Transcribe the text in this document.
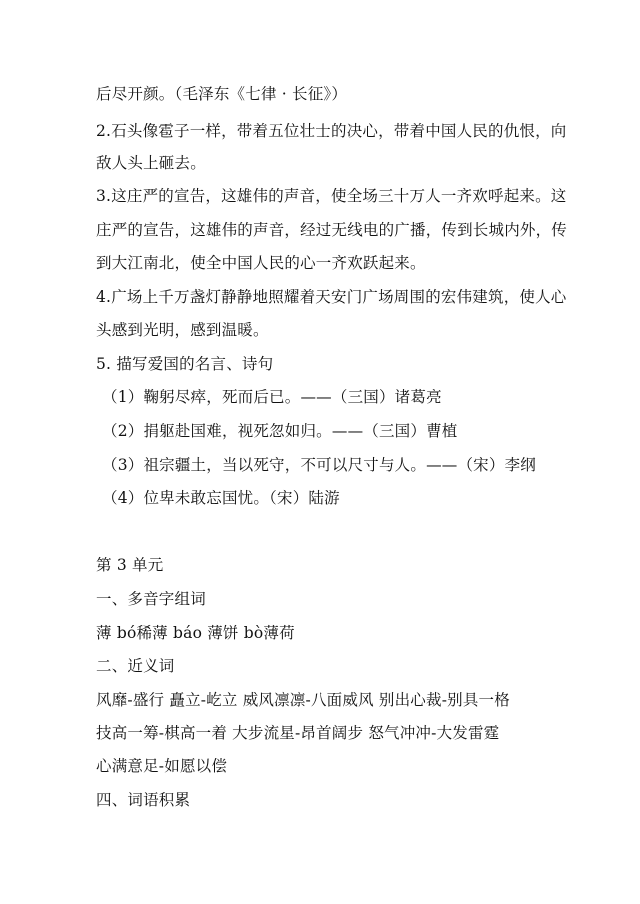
后尽开颜。（毛泽东《七律 · 长征》）
2.石头像雹子一样，带着五位壮士的决心，带着中国人民的仇恨，向
敌人头上砸去。
3.这庄严的宣告，这雄伟的声音，使全场三十万人一齐欢呼起来。这
庄严的宣告，这雄伟的声音，经过无线电的广播，传到长城内外，传
到大江南北，使全中国人民的心一齐欢跃起来。
4.广场上千万盏灯静静地照耀着天安门广场周围的宏伟建筑，使人心
头感到光明，感到温暖。
5. 描写爱国的名言、诗句
（1）鞠躬尽瘁，死而后已。——（三国）诸葛亮
（2）捐躯赴国难，视死忽如归。——（三国）曹植
（3）祖宗疆土，当以死守，不可以尺寸与人。——（宋）李纲
（4）位卑未敢忘国忧。（宋）陆游
第 3 单元
一、多音字组词
薄 bó稀薄 báo 薄饼 bò薄荷
二、近义词
风靡-盛行 矗立-屹立 威风凛凛-八面威风 别出心裁-别具一格
技高一筹-棋高一着 大步流星-昂首阔步 怒气冲冲-大发雷霆
心满意足-如愿以偿
四、词语积累
